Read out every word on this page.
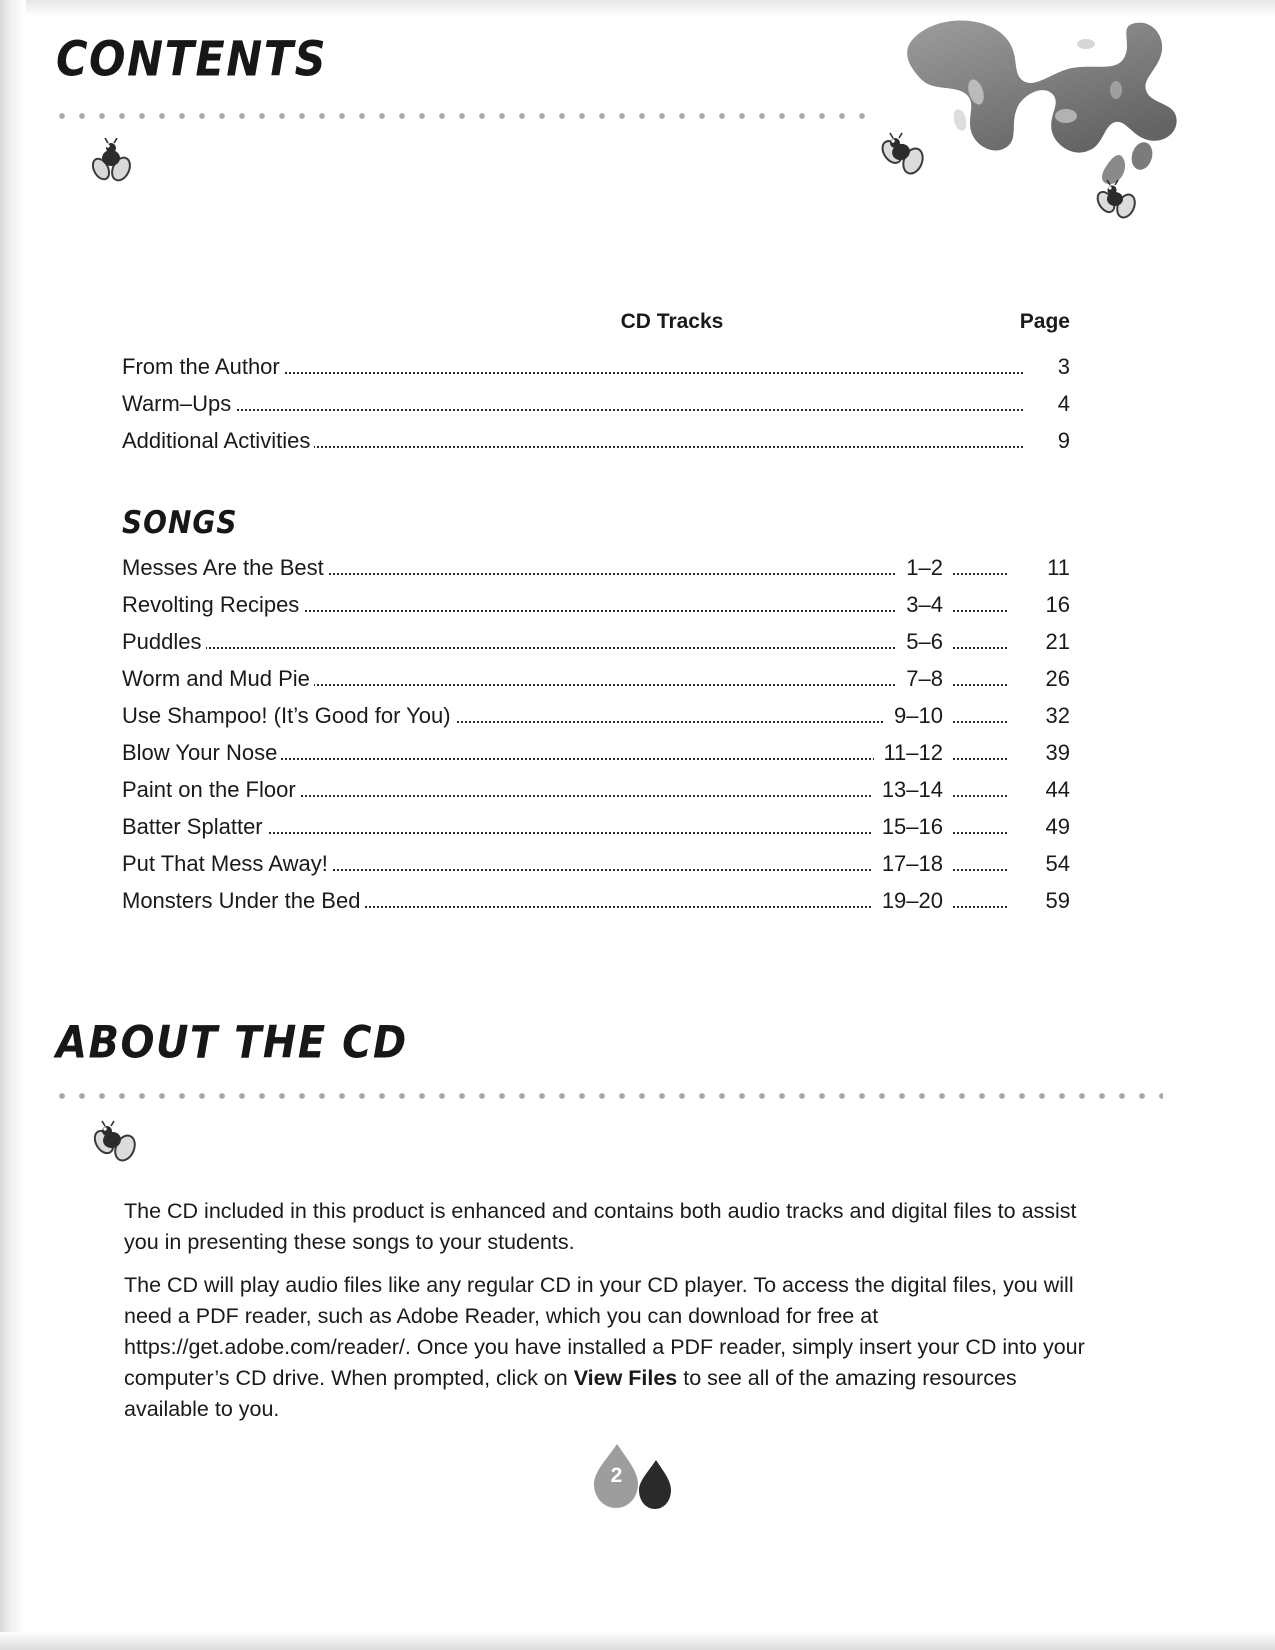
CONTENTS
CD Tracks	Page
From the Author	3
Warm–Ups	4
Additional Activities	9
SONGS
Messes Are the Best	1–2	11
Revolting Recipes	3–4	16
Puddles	5–6	21
Worm and Mud Pie	7–8	26
Use Shampoo! (It’s Good for You)	9–10	32
Blow Your Nose	11–12	39
Paint on the Floor	13–14	44
Batter Splatter	15–16	49
Put That Mess Away!	17–18	54
Monsters Under the Bed	19–20	59
ABOUT THE CD

The CD included in this product is enhanced and contains both audio tracks and digital files to assist you in presenting these songs to your students.

The CD will play audio files like any regular CD in your CD player. To access the digital files, you will need a PDF reader, such as Adobe Reader, which you can download for free at https://get.adobe.com/reader/. Once you have installed a PDF reader, simply insert your CD into your computer’s CD drive. When prompted, click on View Files to see all of the amazing resources available to you.

2
